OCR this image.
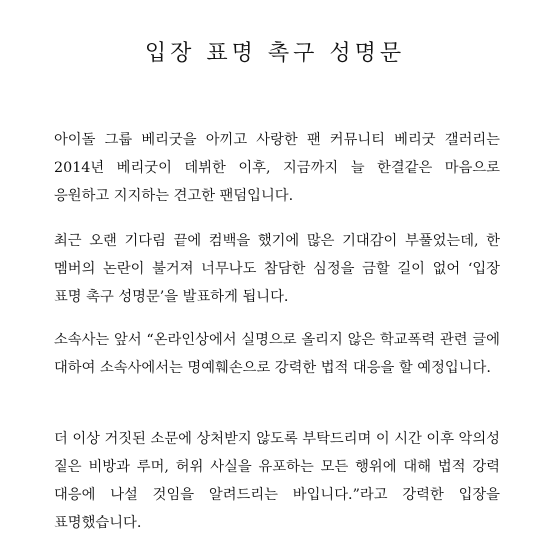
입장 표명 촉구 성명문

아이돌 그룹 베리굿을 아끼고 사랑한 팬 커뮤니티 베리굿 갤러리는 2014년 베리굿이 데뷔한 이후, 지금까지 늘 한결같은 마음으로 응원하고 지지하는 견고한 팬덤입니다.

최근 오랜 기다림 끝에 컴백을 했기에 많은 기대감이 부풀었는데, 한 멤버의 논란이 불거져 너무나도 참담한 심정을 금할 길이 없어 ‘입장 표명 촉구 성명문’을 발표하게 됩니다.

소속사는 앞서 “온라인상에서 실명으로 올리지 않은 학교폭력 관련 글에 대하여 소속사에서는 명예훼손으로 강력한 법적 대응을 할 예정입니다.

더 이상 거짓된 소문에 상처받지 않도록 부탁드리며 이 시간 이후 악의성 짙은 비방과 루머, 허위 사실을 유포하는 모든 행위에 대해 법적 강력 대응에 나설 것임을 알려드리는 바입니다.”라고 강력한 입장을 표명했습니다.
